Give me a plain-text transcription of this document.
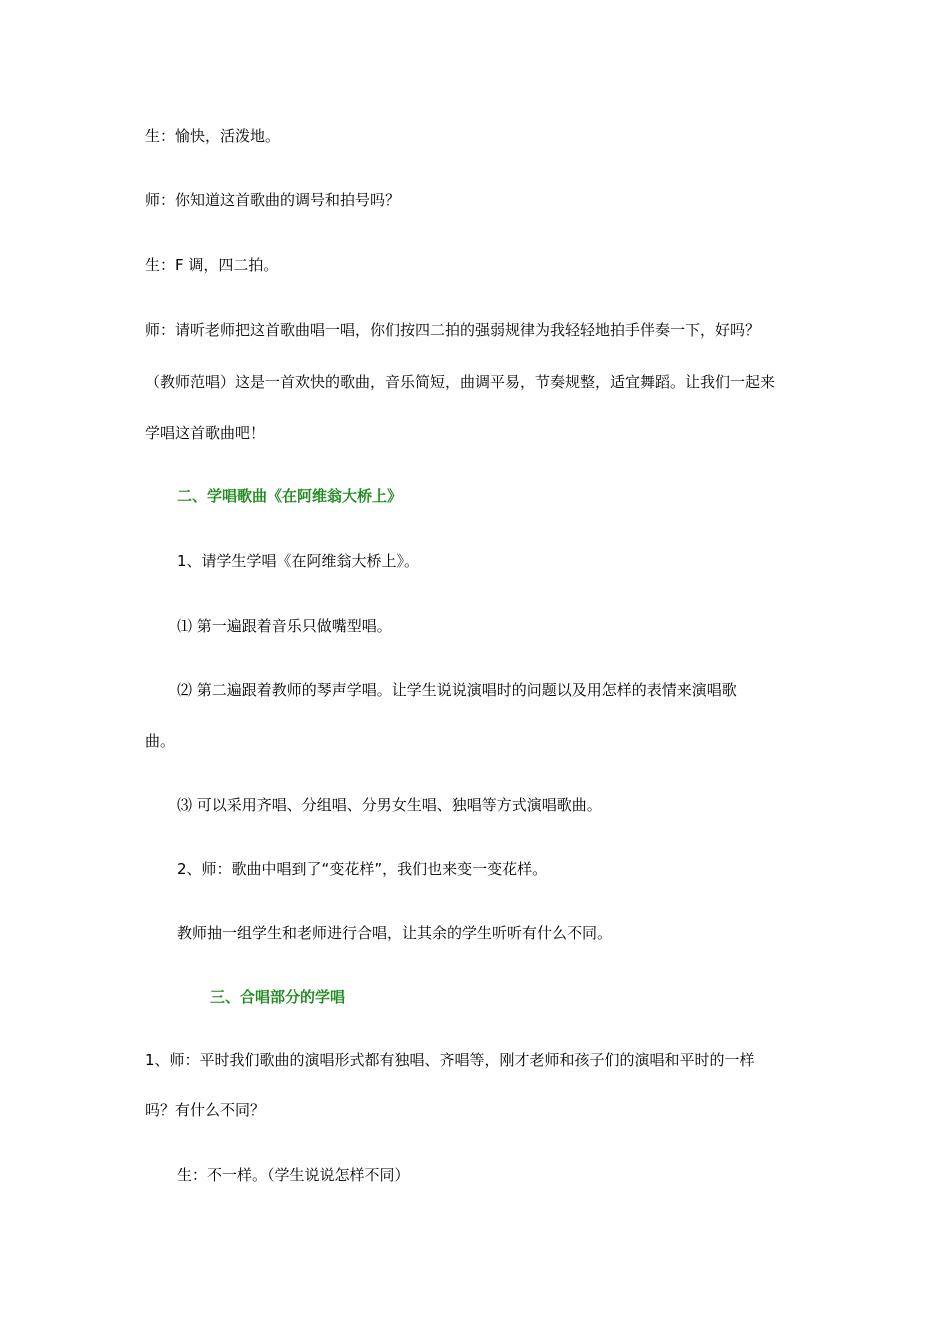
生：愉快，活泼地。
师：你知道这首歌曲的调号和拍号吗？
生：F 调，四二拍。
师：请听老师把这首歌曲唱一唱，你们按四二拍的强弱规律为我轻轻地拍手伴奏一下，好吗？
（教师范唱）这是一首欢快的歌曲，音乐简短，曲调平易，节奏规整，适宜舞蹈。让我们一起来
学唱这首歌曲吧！
二、学唱歌曲《在阿维翁大桥上》
1、请学生学唱《在阿维翁大桥上》。
⑴ 第一遍跟着音乐只做嘴型唱。
⑵ 第二遍跟着教师的琴声学唱。让学生说说演唱时的问题以及用怎样的表情来演唱歌
曲。
⑶ 可以采用齐唱、分组唱、分男女生唱、独唱等方式演唱歌曲。
2、师：歌曲中唱到了“变花样”，我们也来变一变花样。
教师抽一组学生和老师进行合唱，让其余的学生听听有什么不同。
三、合唱部分的学唱
1、师：平时我们歌曲的演唱形式都有独唱、齐唱等，刚才老师和孩子们的演唱和平时的一样
吗？有什么不同？
生：不一样。（学生说说怎样不同）
